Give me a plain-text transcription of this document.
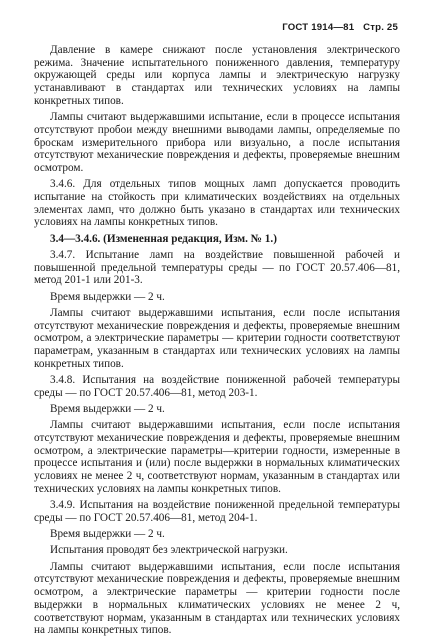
ГОСТ 1914—81 Стр. 25

Давление в камере снижают после установления электрического режима. Значение испытательного пониженного давления, температуру окружающей среды или корпуса лампы и электрическую нагрузку устанавливают в стандартах или технических условиях на лампы конкретных типов.

Лампы считают выдержавшими испытание, если в процессе испытания отсутствуют пробои между внешними выводами лампы, определяемые по броскам измерительного прибора или визуально, а после испытания отсутствуют механические повреждения и дефекты, проверяемые внешним осмотром.

3.4.6. Для отдельных типов мощных ламп допускается проводить испытание на стойкость при климатических воздействиях на отдельных элементах ламп, что должно быть указано в стандартах или технических условиях на лампы конкретных типов.

3.4—3.4.6. (Измененная редакция, Изм. № 1.)

3.4.7. Испытание ламп на воздействие повышенной рабочей и повышенной предельной температуры среды — по ГОСТ 20.57.406—81, метод 201-1 или 201-3.

Время выдержки — 2 ч.

Лампы считают выдержавшими испытания, если после испытания отсутствуют механические повреждения и дефекты, проверяемые внешним осмотром, а электрические параметры — критерии годности соответствуют параметрам, указанным в стандартах или технических условиях на лампы конкретных типов.

3.4.8. Испытания на воздействие пониженной рабочей температуры среды — по ГОСТ 20.57.406—81, метод 203-1.

Время выдержки — 2 ч.

Лампы считают выдержавшими испытания, если после испытания отсутствуют механические повреждения и дефекты, проверяемые внешним осмотром, а электрические параметры—критерии годности, измеренные в процессе испытания и (или) после выдержки в нормальных климатических условиях не менее 2 ч, соответствуют нормам, указанным в стандартах или технических условиях на лампы конкретных типов.

3.4.9. Испытания на воздействие пониженной предельной температуры среды — по ГОСТ 20.57.406—81, метод 204-1.

Время выдержки — 2 ч.

Испытания проводят без электрической нагрузки.

Лампы считают выдержавшими испытания, если после испытания отсутствуют механические повреждения и дефекты, проверяемые внешним осмотром, а электрические параметры — критерии годности после выдержки в нормальных климатических условиях не менее 2 ч, соответствуют нормам, указанным в стандартах или технических условиях на лампы конкретных типов.
